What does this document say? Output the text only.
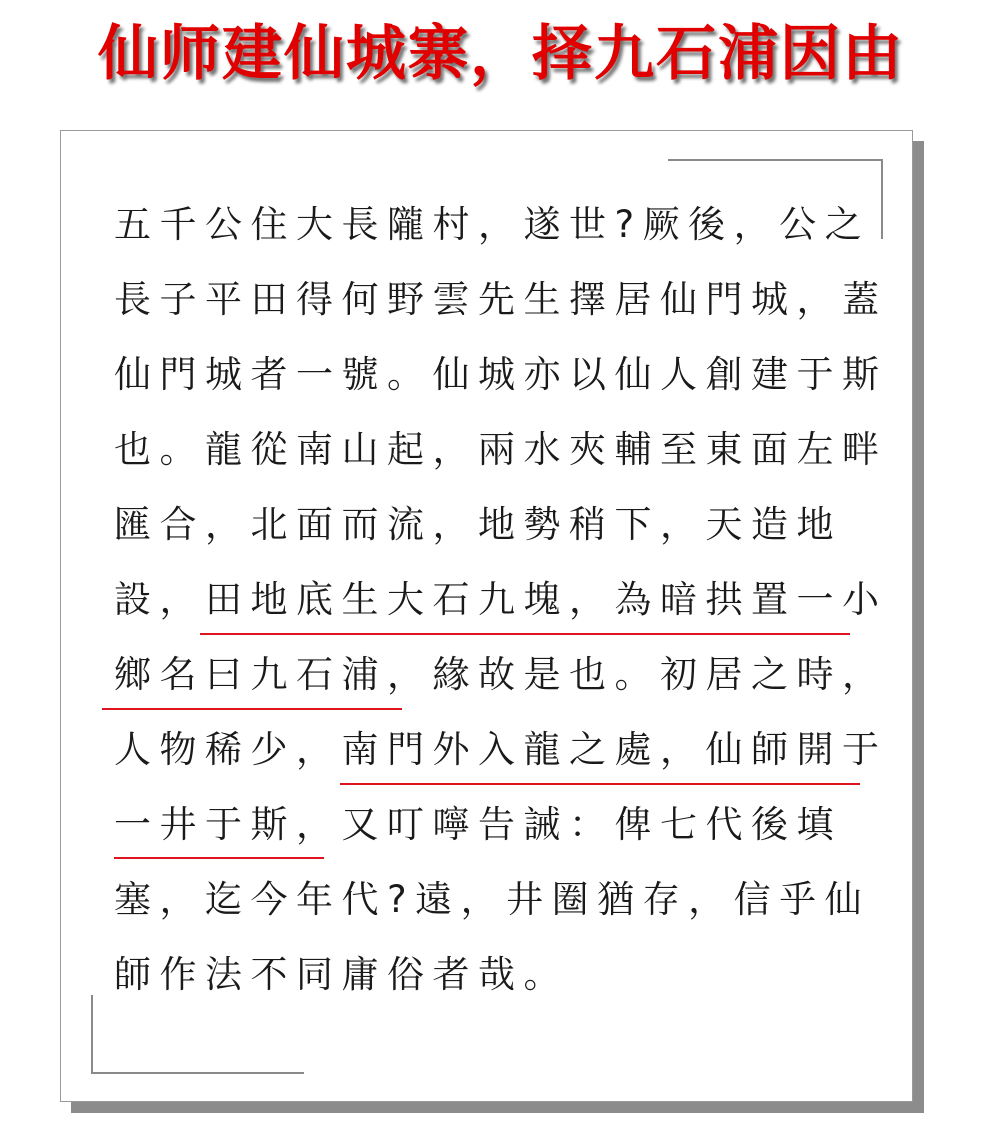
仙师建仙城寨，择九石浦因由
五千公住大長隴村，遂世?厥後，公之
長子平田得何野雲先生擇居仙門城，蓋
仙門城者一號。仙城亦以仙人創建于斯
也。龍從南山起，兩水夾輔至東面左畔
匯合，北面而流，地勢稍下，天造地
設，田地底生大石九塊，為暗拱置一小
鄉名曰九石浦，緣故是也。初居之時，
人物稀少，南門外入龍之處，仙師開于
一井于斯，又叮嚀告誡：俾七代後填
塞，迄今年代?遠，井圈猶存，信乎仙
師作法不同庸俗者哉。
